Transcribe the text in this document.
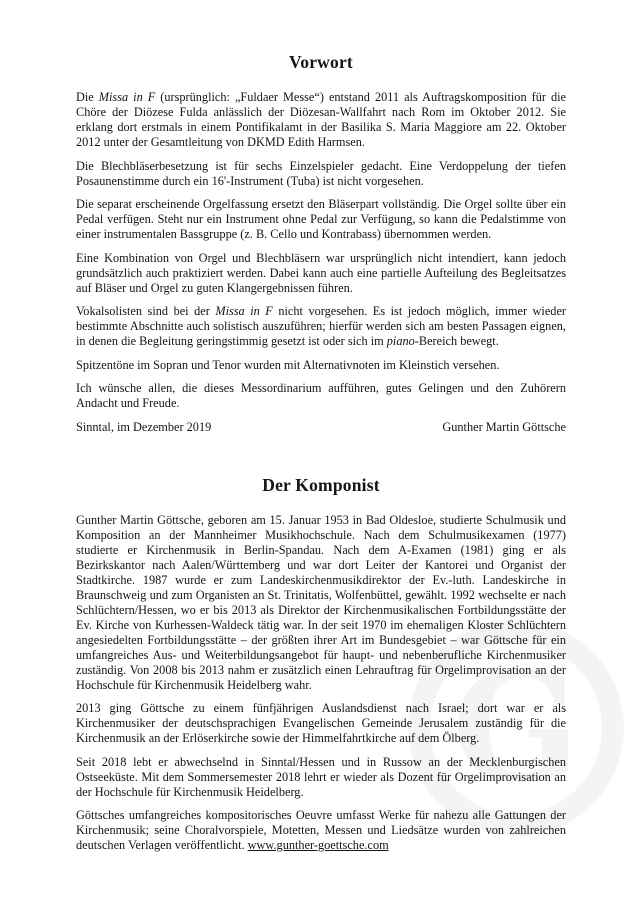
Vorwort

Die Missa in F (ursprünglich: „Fuldaer Messe“) entstand 2011 als Auftragskomposition für die Chöre der Diözese Fulda anlässlich der Diözesan-Wallfahrt nach Rom im Oktober 2012. Sie erklang dort erstmals in einem Pontifikalamt in der Basilika S. Maria Maggiore am 22. Oktober 2012 unter der Gesamtleitung von DKMD Edith Harmsen.

Die Blechbläserbesetzung ist für sechs Einzelspieler gedacht. Eine Verdoppelung der tiefen Posaunenstimme durch ein 16'-Instrument (Tuba) ist nicht vorgesehen.

Die separat erscheinende Orgelfassung ersetzt den Bläserpart vollständig. Die Orgel sollte über ein Pedal verfügen. Steht nur ein Instrument ohne Pedal zur Verfügung, so kann die Pedalstimme von einer instrumentalen Bassgruppe (z. B. Cello und Kontrabass) übernommen werden.

Eine Kombination von Orgel und Blechbläsern war ursprünglich nicht intendiert, kann jedoch grundsätzlich auch praktiziert werden. Dabei kann auch eine partielle Aufteilung des Begleitsatzes auf Bläser und Orgel zu guten Klangergebnissen führen.

Vokalsolisten sind bei der Missa in F nicht vorgesehen. Es ist jedoch möglich, immer wieder bestimmte Abschnitte auch solistisch auszuführen; hierfür werden sich am besten Passagen eignen, in denen die Begleitung geringstimmig gesetzt ist oder sich im piano-Bereich bewegt.

Spitzentöne im Sopran und Tenor wurden mit Alternativnoten im Kleinstich versehen.

Ich wünsche allen, die dieses Messordinarium aufführen, gutes Gelingen und den Zuhörern Andacht und Freude.

Sinntal, im Dezember 2019	Gunther Martin Göttsche
Der Komponist

Gunther Martin Göttsche, geboren am 15. Januar 1953 in Bad Oldesloe, studierte Schulmusik und Komposition an der Mannheimer Musikhochschule. Nach dem Schulmusikexamen (1977) studierte er Kirchenmusik in Berlin-Spandau. Nach dem A-Examen (1981) ging er als Bezirkskantor nach Aalen/Württemberg und war dort Leiter der Kantorei und Organist der Stadtkirche. 1987 wurde er zum Landeskirchenmusikdirektor der Ev.-luth. Landeskirche in Braunschweig und zum Organisten an St. Trinitatis, Wolfenbüttel, gewählt. 1992 wechselte er nach Schlüchtern/Hessen, wo er bis 2013 als Direktor der Kirchenmusikalischen Fortbildungsstätte der Ev. Kirche von Kurhessen-Waldeck tätig war. In der seit 1970 im ehemaligen Kloster Schlüchtern angesiedelten Fortbildungsstätte – der größten ihrer Art im Bundesgebiet – war Göttsche für ein umfangreiches Aus- und Weiterbildungsangebot für haupt- und nebenberufliche Kirchenmusiker zuständig. Von 2008 bis 2013 nahm er zusätzlich einen Lehrauftrag für Orgelimprovisation an der Hochschule für Kirchenmusik Heidelberg wahr.

2013 ging Göttsche zu einem fünfjährigen Auslandsdienst nach Israel; dort war er als Kirchenmusiker der deutschsprachigen Evangelischen Gemeinde Jerusalem zuständig für die Kirchenmusik an der Erlöserkirche sowie der Himmelfahrtkirche auf dem Ölberg.

Seit 2018 lebt er abwechselnd in Sinntal/Hessen und in Russow an der Mecklenburgischen Ostseeküste. Mit dem Sommersemester 2018 lehrt er wieder als Dozent für Orgelimprovisation an der Hochschule für Kirchenmusik Heidelberg.

Göttsches umfangreiches kompositorisches Oeuvre umfasst Werke für nahezu alle Gattungen der Kirchenmusik; seine Choralvorspiele, Motetten, Messen und Liedsätze wurden von zahlreichen deutschen Verlagen veröffentlicht. www.gunther-goettsche.com
